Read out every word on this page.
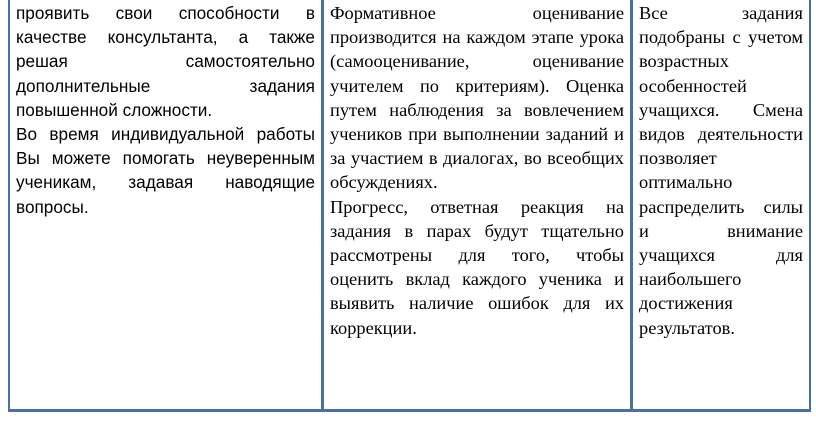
проявить свои способности в качестве консультанта, а также решая самостоятельно дополнительные задания повышенной сложности.

Во время индивидуальной работы Вы можете помогать неуверенным ученикам, задавая наводящие вопросы.

Формативное оценивание производится на каждом этапе урока (самооценивание, оценивание учителем по критериям). Оценка путем наблюдения за вовлечением учеников при выполнении заданий и за участием в диалогах, во всеобщих обсуждениях.

Прогресс, ответная реакция на задания в парах будут тщательно рассмотрены для того, чтобы оценить вклад каждого ученика и выявить наличие ошибок для их коррекции.

Все задания подобраны с учетом возрастных особенностей учащихся. Смена видов деятельности позволяет оптимально распределить силы и внимание учащихся для наибольшего достижения результатов.
